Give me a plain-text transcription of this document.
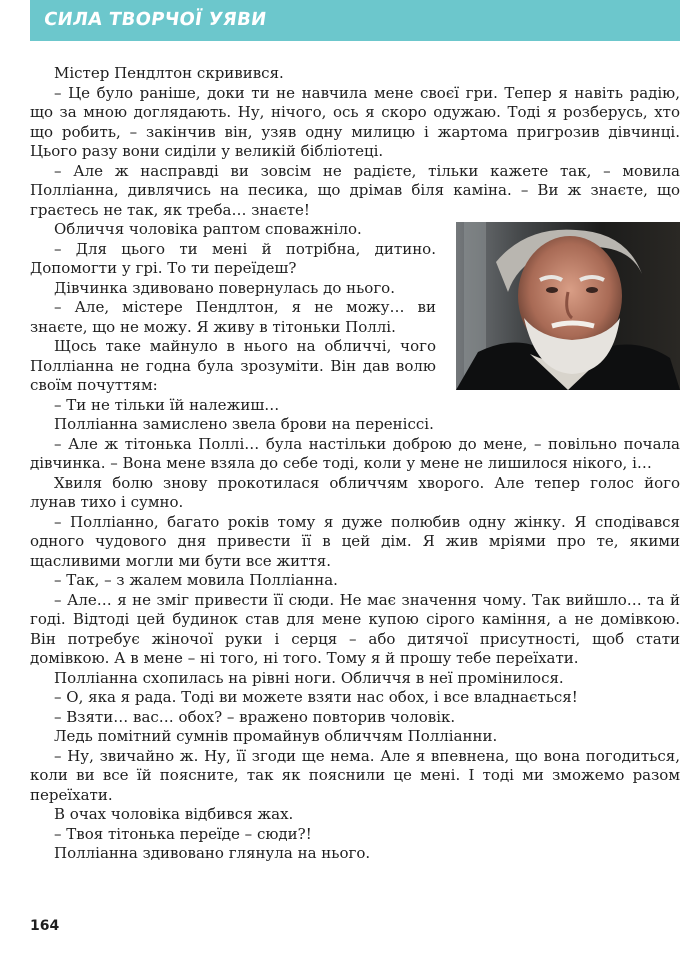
СИЛА ТВОРЧОЇ УЯВИ

Містер Пендлтон скривився.

– Це було раніше, доки ти не навчила мене своєї гри. Тепер я навіть радію, що за мною доглядають. Ну, нічого, ось я скоро одужаю. Тоді я розберусь, хто що робить, – закінчив він, узяв одну милицю і жартома пригрозив дівчинці. Цього разу вони сиділи у великій бібліотеці.

– Але ж насправді ви зовсім не радієте, тільки кажете так, – мовила Поллiанна, дивлячись на песика, що дрімав біля каміна. – Ви ж знаєте, що граєтесь не так, як треба… знаєте!

Обличчя чоловіка раптом споважніло.

– Для цього ти мені й потрібна, дитино. Допомогти у грі. То ти переїдеш?

Дівчинка здивовано повернулась до нього.

– Але, містере Пендлтон, я не можу… ви знаєте, що не можу. Я живу в тітоньки Поллі.

Щось таке майнуло в нього на обличчі, чого Полліанна не годна була зрозуміти. Він дав волю своїм почуттям:

– Ти не тільки їй належиш…

Полліанна замислено звела брови на переніссі.

– Але ж тітонька Поллі… була настільки доброю до мене, – повільно почала дівчинка. – Вона мене взяла до себе тоді, коли у мене не лишилося нікого, і…

Хвиля болю знову прокотилася обличчям хворого. Але тепер голос його лунав тихо і сумно.

– Полліанно, багато років тому я дуже полюбив одну жінку. Я сподівався одного чудового дня привести її в цей дім. Я жив мріями про те, якими щасливими могли ми бути все життя.

– Так, – з жалем мовила Полліанна.

– Але… я не зміг привести її сюди. Не має значення чому. Так вийшло… та й годі. Відтоді цей будинок став для мене купою сірого каміння, а не домівкою. Він потребує жіночої руки і серця – або дитячої присутності, щоб стати домівкою. А в мене – ні того, ні того. Тому я й прошу тебе переїхати.

Полліанна схопилась на рівні ноги. Обличчя в неї промінилося.

– О, яка я рада. Тоді ви можете взяти нас обох, і все владнається!

– Взяти… вас… обох? – вражено повторив чоловік.

Ледь помітний сумнів промайнув обличчям Полліанни.

– Ну, звичайно ж. Ну, її згоди ще нема. Але я впевнена, що вона погодиться, коли ви все їй поясните, так як пояснили це мені. І тоді ми зможемо разом переїхати.

В очах чоловіка відбився жах.

– Твоя тітонька переїде – сюди?!

Полліанна здивовано глянула на нього.

164
